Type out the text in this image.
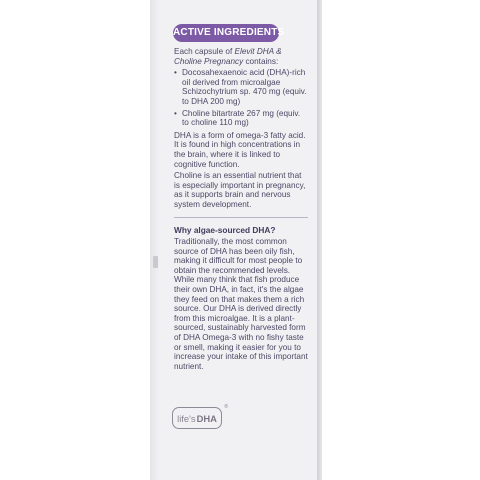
ACTIVE INGREDIENTS

Each capsule of Elevit DHA & Choline Pregnancy contains:

• Docosahexaenoic acid (DHA)-rich oil derived from microalgae Schizochytrium sp. 470 mg (equiv. to DHA 200 mg)
• Choline bitartrate 267 mg (equiv. to choline 110 mg)

DHA is a form of omega-3 fatty acid. It is found in high concentrations in the brain, where it is linked to cognitive function.

Choline is an essential nutrient that is especially important in pregnancy, as it supports brain and nervous system development.

Why algae-sourced DHA?

Traditionally, the most common source of DHA has been oily fish, making it difficult for most people to obtain the recommended levels. While many think that fish produce their own DHA, in fact, it's the algae they feed on that makes them a rich source. Our DHA is derived directly from this microalgae. It is a plant-sourced, sustainably harvested form of DHA Omega-3 with no fishy taste or smell, making it easier for you to increase your intake of this important nutrient.

life's DHA
®
